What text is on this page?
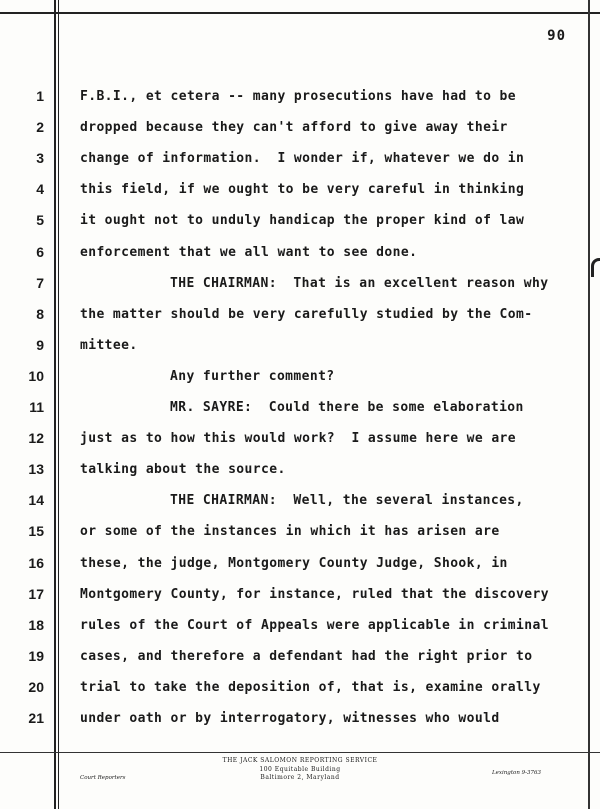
90
1	F.B.I., et cetera -- many prosecutions have had to be
2	dropped because they can't afford to give away their
3	change of information.  I wonder if, whatever we do in
4	this field, if we ought to be very careful in thinking
5	it ought not to unduly handicap the proper kind of law
6	enforcement that we all want to see done.
7	THE CHAIRMAN:  That is an excellent reason why
8	the matter should be very carefully studied by the Com-
9	mittee.
10	Any further comment?
11	MR. SAYRE:  Could there be some elaboration
12	just as to how this would work?  I assume here we are
13	talking about the source.
14	THE CHAIRMAN:  Well, the several instances,
15	or some of the instances in which it has arisen are
16	these, the judge, Montgomery County Judge, Shook, in
17	Montgomery County, for instance, ruled that the discovery
18	rules of the Court of Appeals were applicable in criminal
19	cases, and therefore a defendant had the right prior to
20	trial to take the deposition of, that is, examine orally
21	under oath or by interrogatory, witnesses who would
THE JACK SALOMON REPORTING SERVICE
100 Equitable Building
Baltimore 2, Maryland
Court Reporters
Lexington 9-3763
